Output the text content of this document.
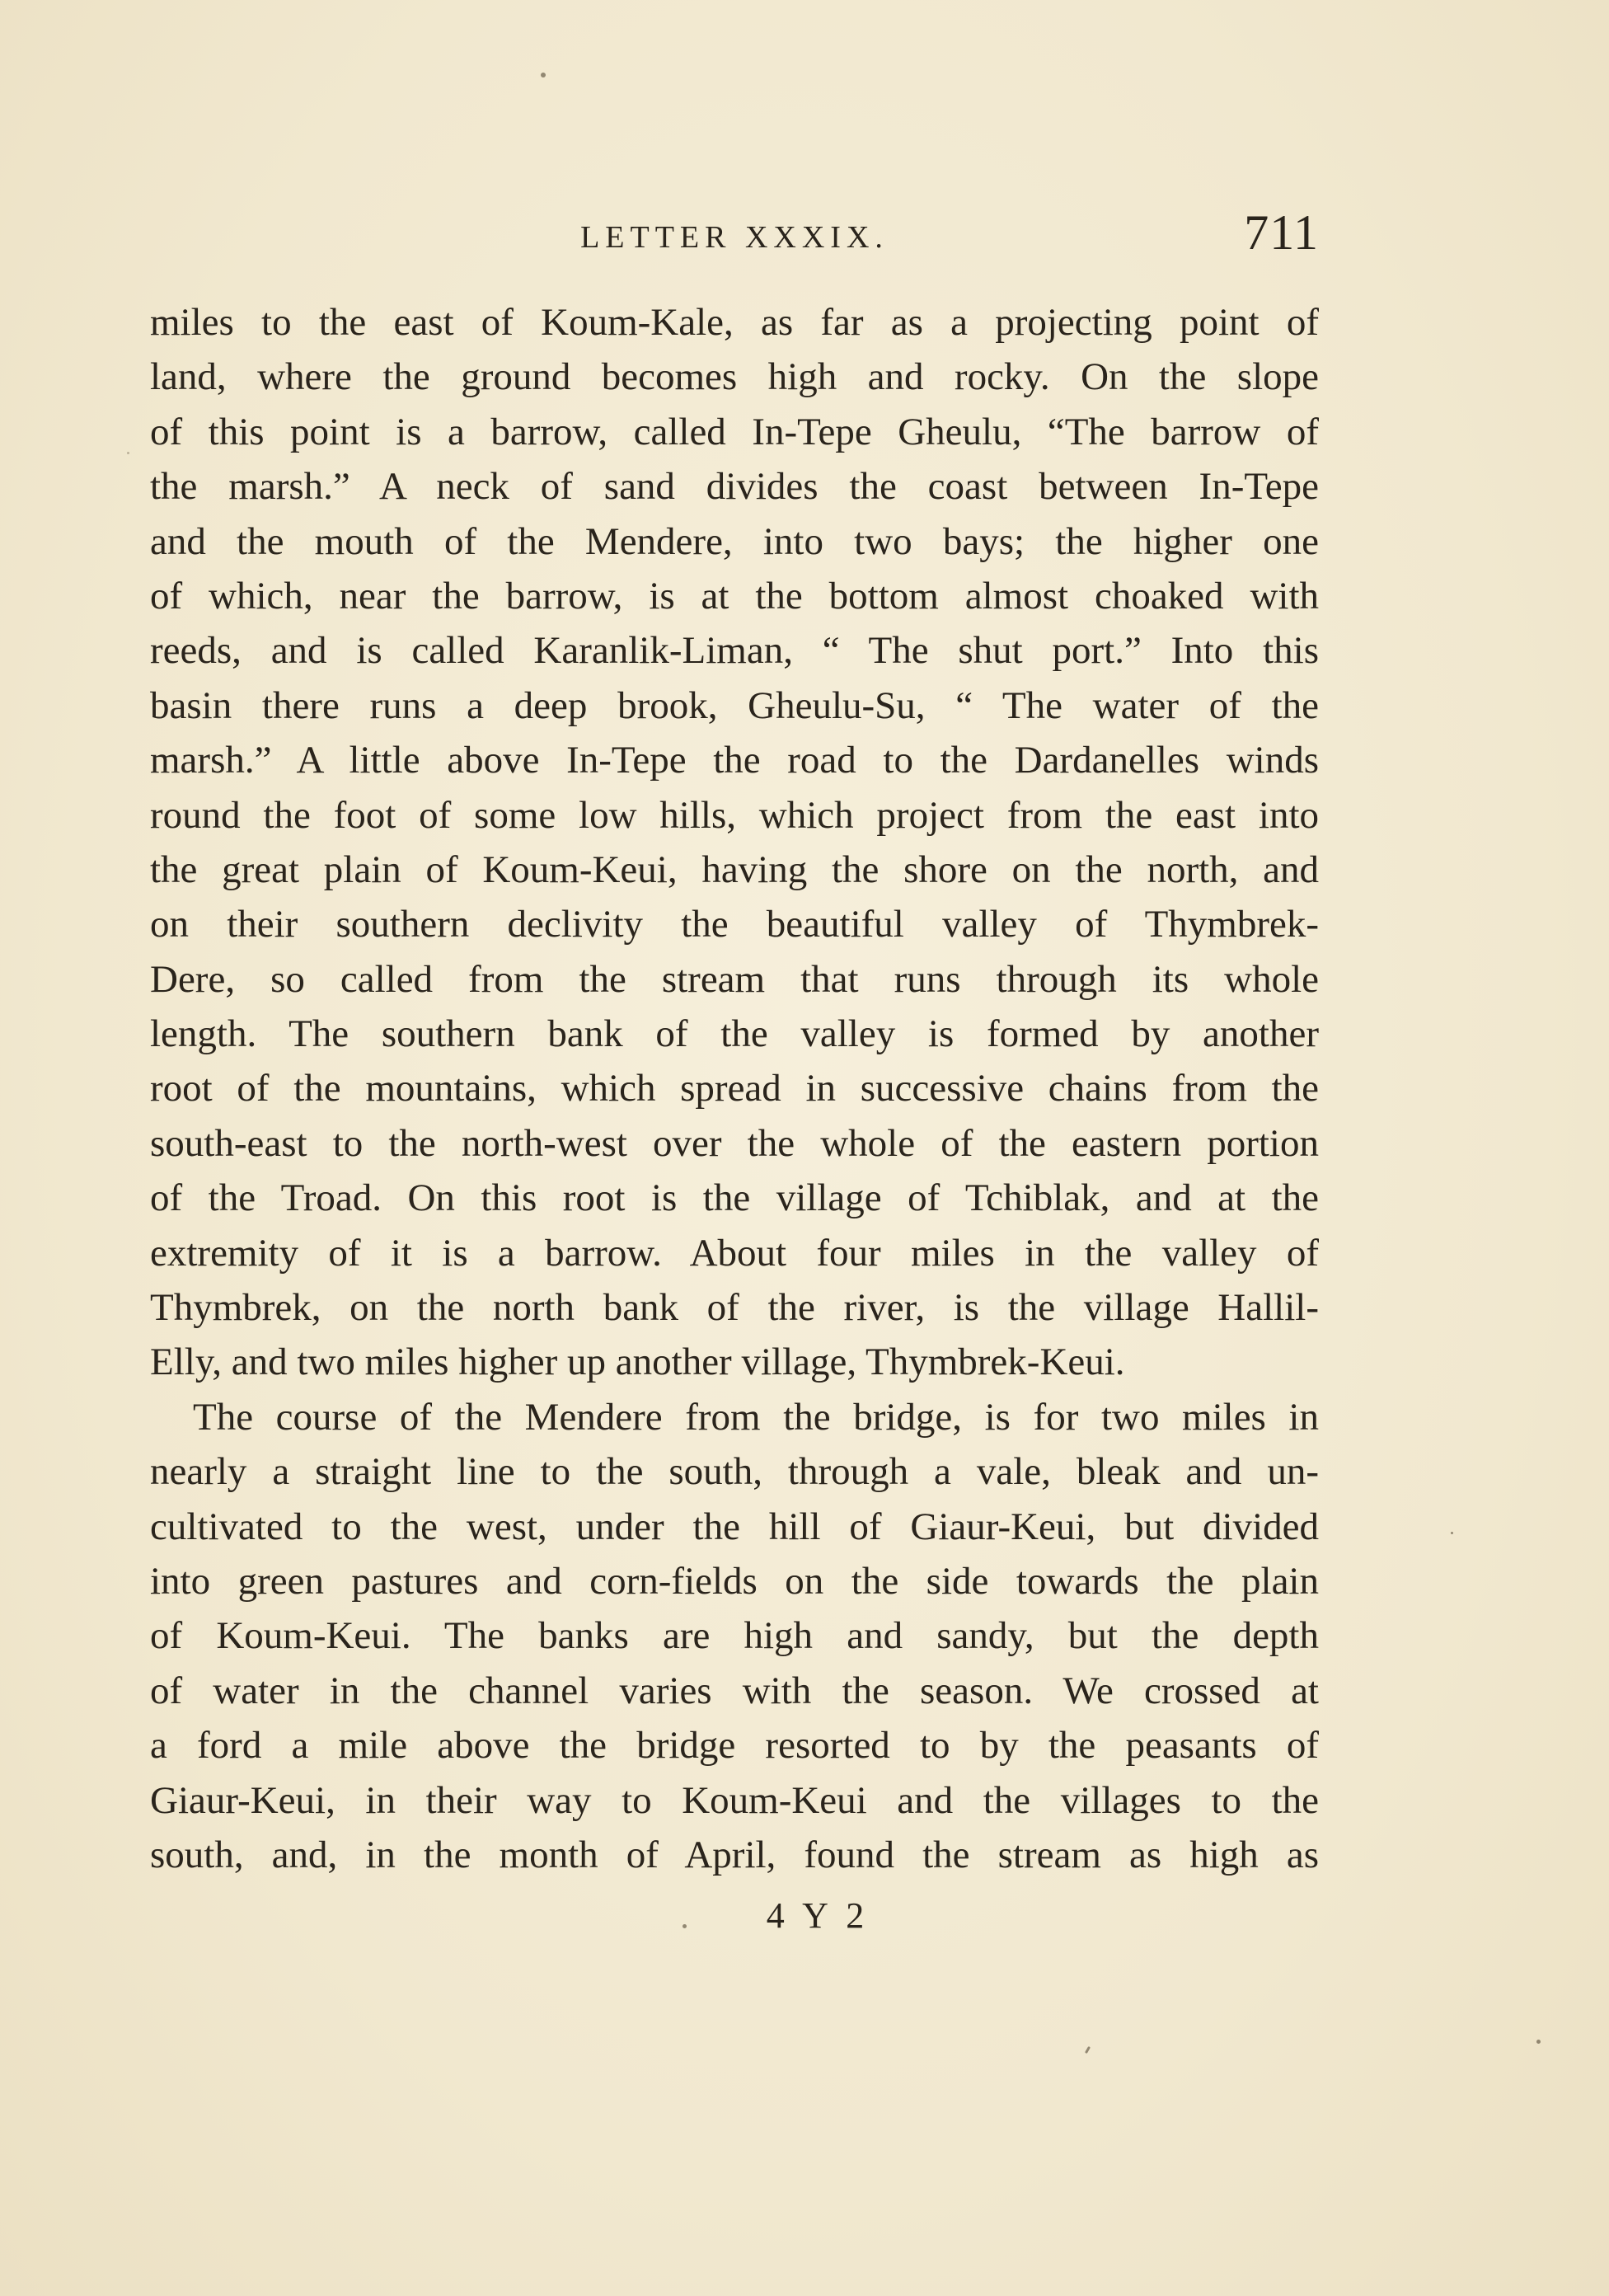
LETTER XXXIX.	711
miles to the east of Koum-Kale, as far as a projecting point of
land, where the ground becomes high and rocky. On the slope
of this point is a barrow, called In-Tepe Gheulu, “The barrow of
the marsh.” A neck of sand divides the coast between In-Tepe
and the mouth of the Mendere, into two bays; the higher one
of which, near the barrow, is at the bottom almost choaked with
reeds, and is called Karanlik-Liman, “ The shut port.” Into this
basin there runs a deep brook, Gheulu-Su, “ The water of the
marsh.” A little above In-Tepe the road to the Dardanelles winds
round the foot of some low hills, which project from the east into
the great plain of Koum-Keui, having the shore on the north, and
on their southern declivity the beautiful valley of Thymbrek-
Dere, so called from the stream that runs through its whole
length. The southern bank of the valley is formed by another
root of the mountains, which spread in successive chains from the
south-east to the north-west over the whole of the eastern portion
of the Troad. On this root is the village of Tchiblak, and at the
extremity of it is a barrow. About four miles in the valley of
Thymbrek, on the north bank of the river, is the village Hallil-
Elly, and two miles higher up another village, Thymbrek-Keui.
The course of the Mendere from the bridge, is for two miles in
nearly a straight line to the south, through a vale, bleak and un-
cultivated to the west, under the hill of Giaur-Keui, but divided
into green pastures and corn-fields on the side towards the plain
of Koum-Keui. The banks are high and sandy, but the depth
of water in the channel varies with the season. We crossed at
a ford a mile above the bridge resorted to by the peasants of
Giaur-Keui, in their way to Koum-Keui and the villages to the
south, and, in the month of April, found the stream as high as
4 Y 2
